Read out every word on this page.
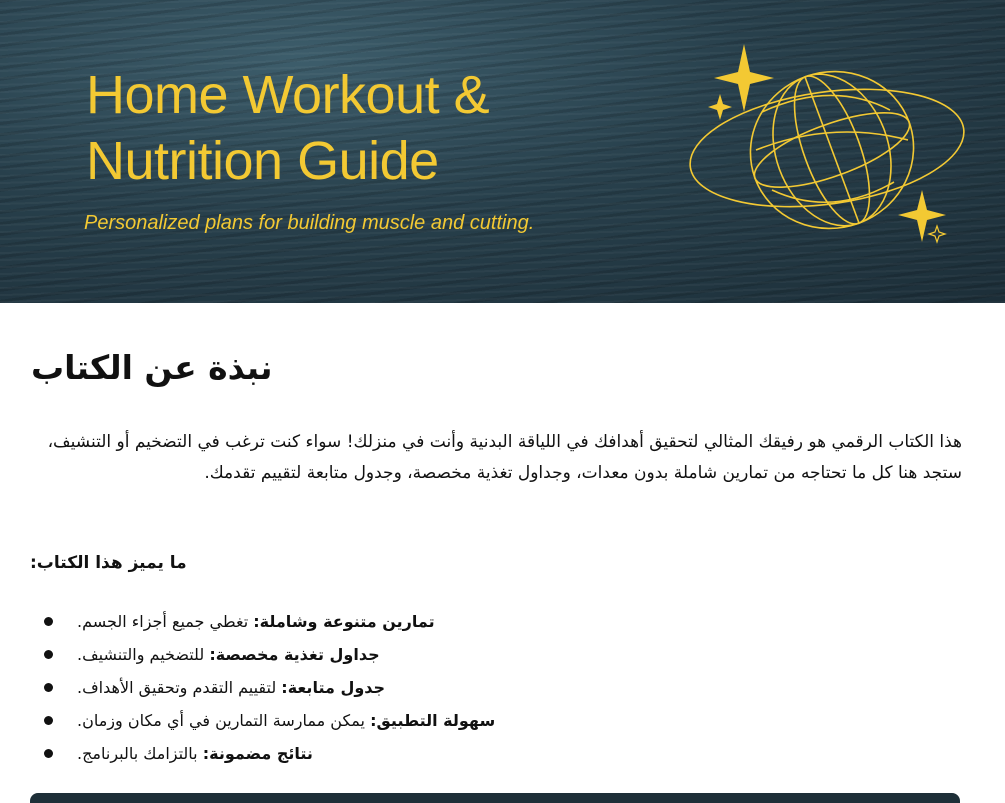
Home Workout &
Nutrition Guide

Personalized plans for building muscle and cutting.

نبذة عن الكتاب

هذا الكتاب الرقمي هو رفيقك المثالي لتحقيق أهدافك في اللياقة البدنية وأنت في منزلك! سواء كنت ترغب في التضخيم أو التنشيف، ستجد هنا كل ما تحتاجه من تمارين شاملة بدون معدات، وجداول تغذية مخصصة، وجدول متابعة لتقييم تقدمك.

ما يميز هذا الكتاب:

تمارين متنوعة وشاملة: تغطي جميع أجزاء الجسم.
جداول تغذية مخصصة: للتضخيم والتنشيف.
جدول متابعة: لتقييم التقدم وتحقيق الأهداف.
سهولة التطبيق: يمكن ممارسة التمارين في أي مكان وزمان.
نتائج مضمونة: بالتزامك بالبرنامج.
